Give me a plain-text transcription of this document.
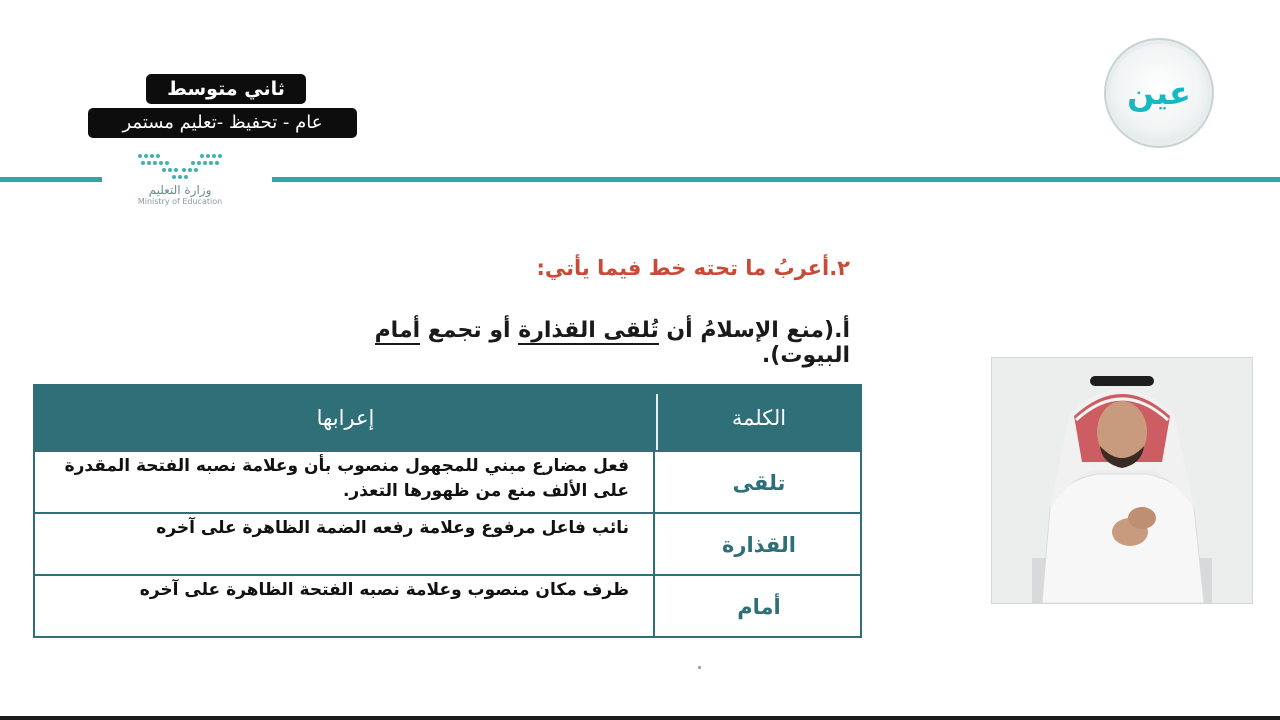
ثاني متوسط
عام - تحفيظ -تعليم مستمر
وزارة التعليم
Ministry of Education
عين
٢.أعربُ ما تحته خط فيما يأتي:
أ.(منع الإسلامُ أن تُلقى القذارة أو تجمع أمام البيوت).
إعرابها	الكلمة
تلقى
فعل مضارع مبني للمجهول منصوب بأن وعلامة نصبه الفتحة المقدرة على الألف منع من ظهورها التعذر.
القذارة
نائب فاعل مرفوع وعلامة رفعه الضمة الظاهرة على آخره
أمام
ظرف مكان منصوب وعلامة نصبه الفتحة الظاهرة على آخره
